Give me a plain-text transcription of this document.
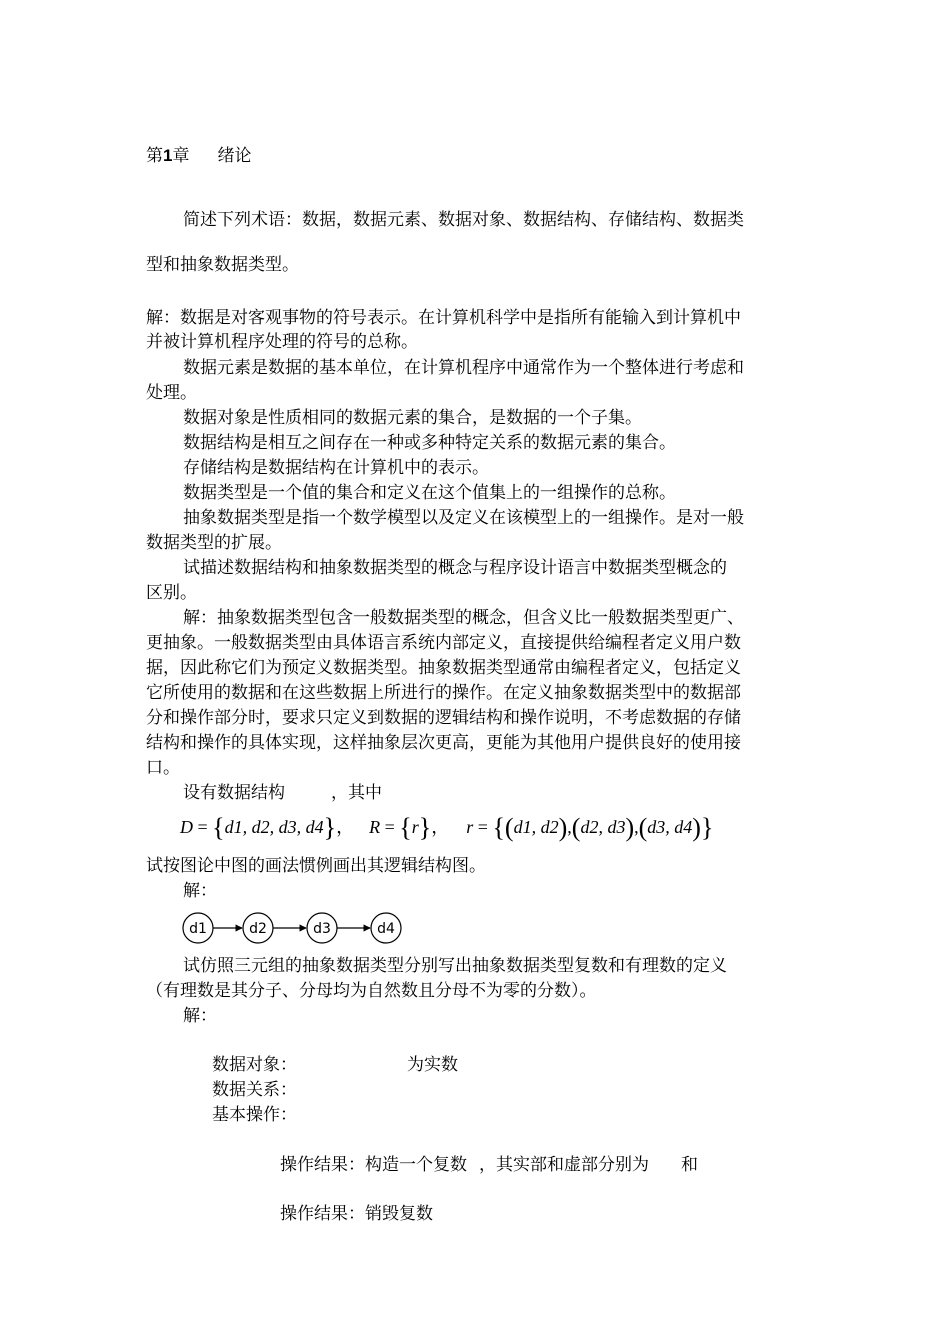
第1章 绪论
简述下列术语：数据，数据元素、数据对象、数据结构、存储结构、数据类
型和抽象数据类型。
解：数据是对客观事物的符号表示。在计算机科学中是指所有能输入到计算机中
并被计算机程序处理的符号的总称。
数据元素是数据的基本单位，在计算机程序中通常作为一个整体进行考虑和
处理。
数据对象是性质相同的数据元素的集合，是数据的一个子集。
数据结构是相互之间存在一种或多种特定关系的数据元素的集合。
存储结构是数据结构在计算机中的表示。
数据类型是一个值的集合和定义在这个值集上的一组操作的总称。
抽象数据类型是指一个数学模型以及定义在该模型上的一组操作。是对一般
数据类型的扩展。
试描述数据结构和抽象数据类型的概念与程序设计语言中数据类型概念的
区别。
解：抽象数据类型包含一般数据类型的概念，但含义比一般数据类型更广、
更抽象。一般数据类型由具体语言系统内部定义，直接提供给编程者定义用户数
据，因此称它们为预定义数据类型。抽象数据类型通常由编程者定义，包括定义
它所使用的数据和在这些数据上所进行的操作。在定义抽象数据类型中的数据部
分和操作部分时，要求只定义到数据的逻辑结构和操作说明，不考虑数据的存储
结构和操作的具体实现，这样抽象层次更高，更能为其他用户提供良好的使用接
口。
设有数据结构	，其中
D = {d1, d2, d3, d4}， R = {r}， r = {(d1, d2),(d2, d3),(d3, d4)}
试按图论中图的画法惯例画出其逻辑结构图。
解：
d1	d2	d3	d4
试仿照三元组的抽象数据类型分别写出抽象数据类型复数和有理数的定义
（有理数是其分子、分母均为自然数且分母不为零的分数）。
解：
数据对象：	为实数
数据关系：
基本操作：
操作结果：构造一个复数 ，其实部和虚部分别为 和
操作结果：销毁复数
